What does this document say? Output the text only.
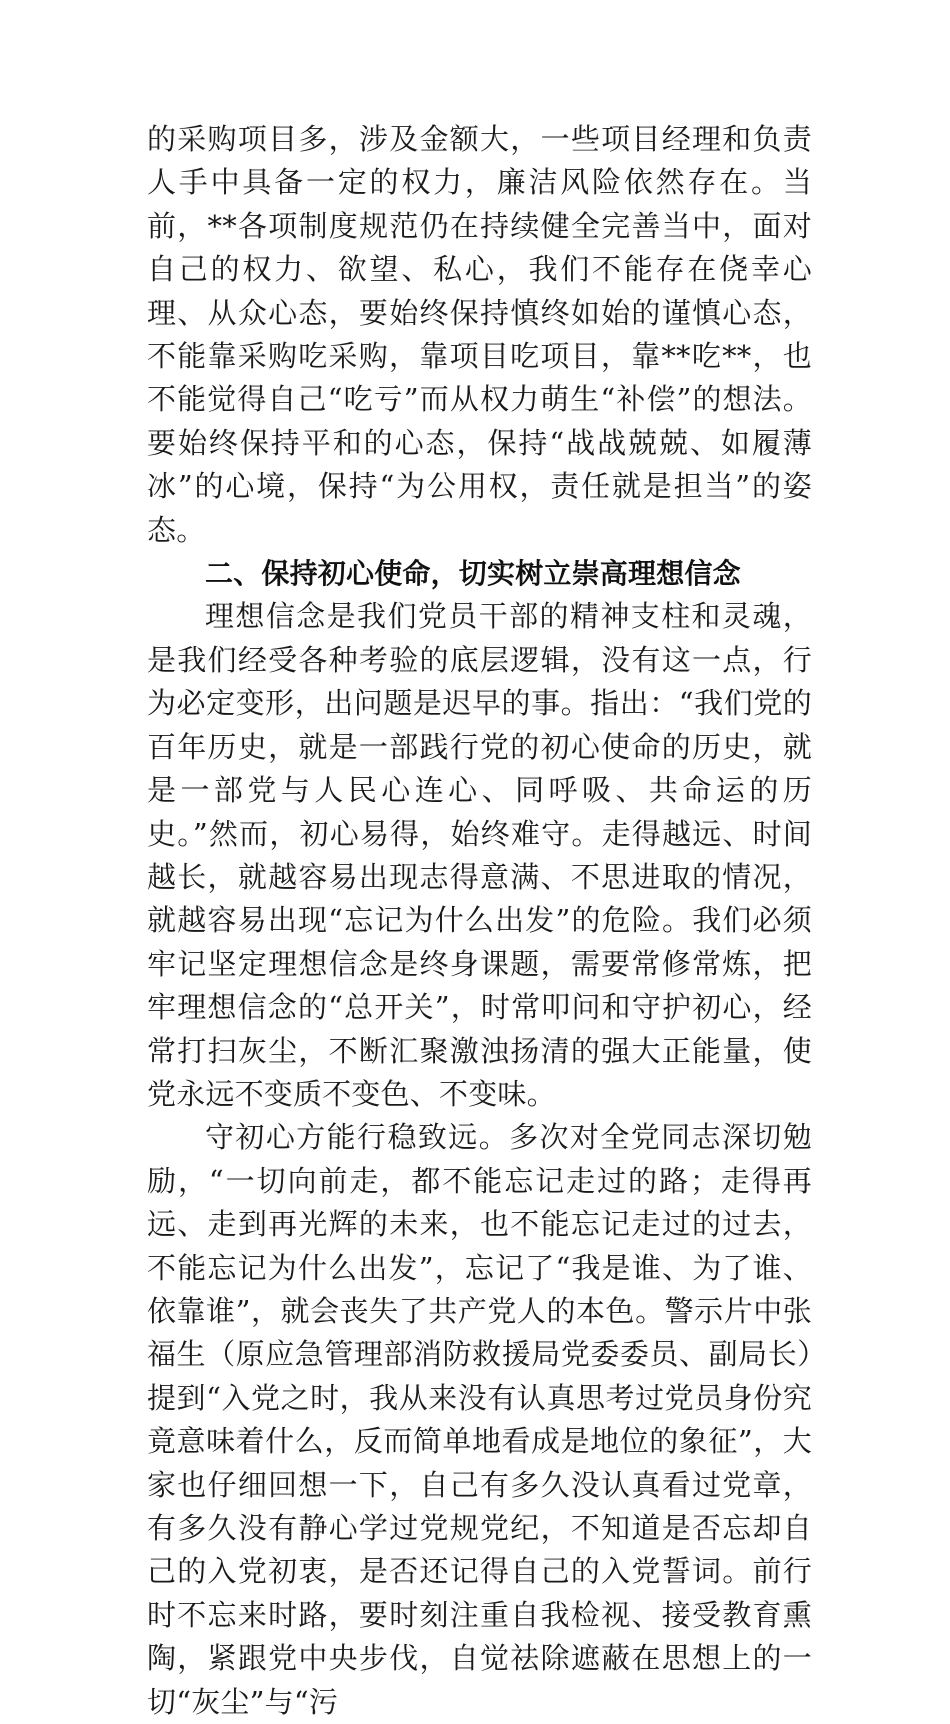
的采购项目多，涉及金额大，一些项目经理和负责人手中具备一定的权力，廉洁风险依然存在。当前，**各项制度规范仍在持续健全完善当中，面对自己的权力、欲望、私心，我们不能存在侥幸心理、从众心态，要始终保持慎终如始的谨慎心态，不能靠采购吃采购，靠项目吃项目，靠**吃**，也不能觉得自己“吃亏”而从权力萌生“补偿”的想法。要始终保持平和的心态，保持“战战兢兢、如履薄冰”的心境，保持“为公用权，责任就是担当”的姿态。

二、保持初心使命，切实树立崇高理想信念

理想信念是我们党员干部的精神支柱和灵魂，是我们经受各种考验的底层逻辑，没有这一点，行为必定变形，出问题是迟早的事。指出：“我们党的百年历史，就是一部践行党的初心使命的历史，就是一部党与人民心连心、同呼吸、共命运的历史。”然而，初心易得，始终难守。走得越远、时间越长，就越容易出现志得意满、不思进取的情况，就越容易出现“忘记为什么出发”的危险。我们必须牢记坚定理想信念是终身课题，需要常修常炼，把牢理想信念的“总开关”，时常叩问和守护初心，经常打扫灰尘，不断汇聚激浊扬清的强大正能量，使党永远不变质不变色、不变味。

守初心方能行稳致远。多次对全党同志深切勉励，“一切向前走，都不能忘记走过的路；走得再远、走到再光辉的未来，也不能忘记走过的过去，不能忘记为什么出发”，忘记了“我是谁、为了谁、依靠谁”，就会丧失了共产党人的本色。警示片中张福生（原应急管理部消防救援局党委委员、副局长）提到“入党之时，我从来没有认真思考过党员身份究竟意味着什么，反而简单地看成是地位的象征”，大家也仔细回想一下，自己有多久没认真看过党章，有多久没有静心学过党规党纪，不知道是否忘却自己的入党初衷，是否还记得自己的入党誓词。前行时不忘来时路，要时刻注重自我检视、接受教育熏陶，紧跟党中央步伐，自觉祛除遮蔽在思想上的一切“灰尘”与“污
